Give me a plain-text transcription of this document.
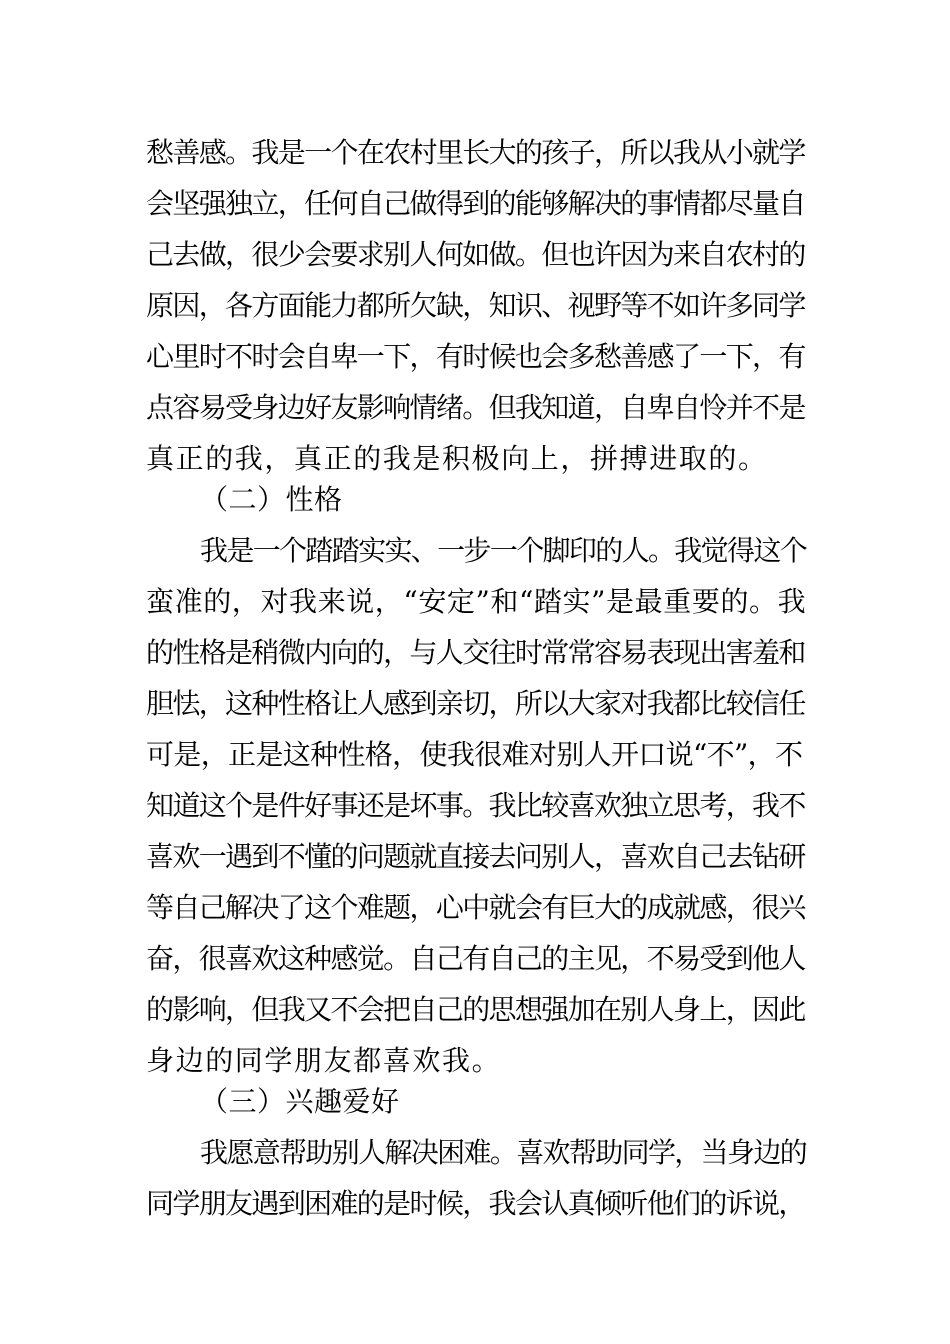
愁善感。我是一个在农村里长大的孩子，所以我从小就学
会坚强独立，任何自己做得到的能够解决的事情都尽量自
己去做，很少会要求别人何如做。但也许因为来自农村的
原因，各方面能力都所欠缺，知识、视野等不如许多同学
心里时不时会自卑一下，有时候也会多愁善感了一下，有
点容易受身边好友影响情绪。但我知道，自卑自怜并不是
真正的我，真正的我是积极向上，拼搏进取的。
（二）性格
我是一个踏踏实实、一步一个脚印的人。我觉得这个
蛮准的，对我来说，“安定”和“踏实”是最重要的。我
的性格是稍微内向的，与人交往时常常容易表现出害羞和
胆怯，这种性格让人感到亲切，所以大家对我都比较信任
可是，正是这种性格，使我很难对别人开口说“不”，不
知道这个是件好事还是坏事。我比较喜欢独立思考，我不
喜欢一遇到不懂的问题就直接去问别人，喜欢自己去钻研
等自己解决了这个难题，心中就会有巨大的成就感，很兴
奋，很喜欢这种感觉。自己有自己的主见，不易受到他人
的影响，但我又不会把自己的思想强加在别人身上，因此
身边的同学朋友都喜欢我。
（三）兴趣爱好
我愿意帮助别人解决困难。喜欢帮助同学，当身边的
同学朋友遇到困难的是时候，我会认真倾听他们的诉说，
